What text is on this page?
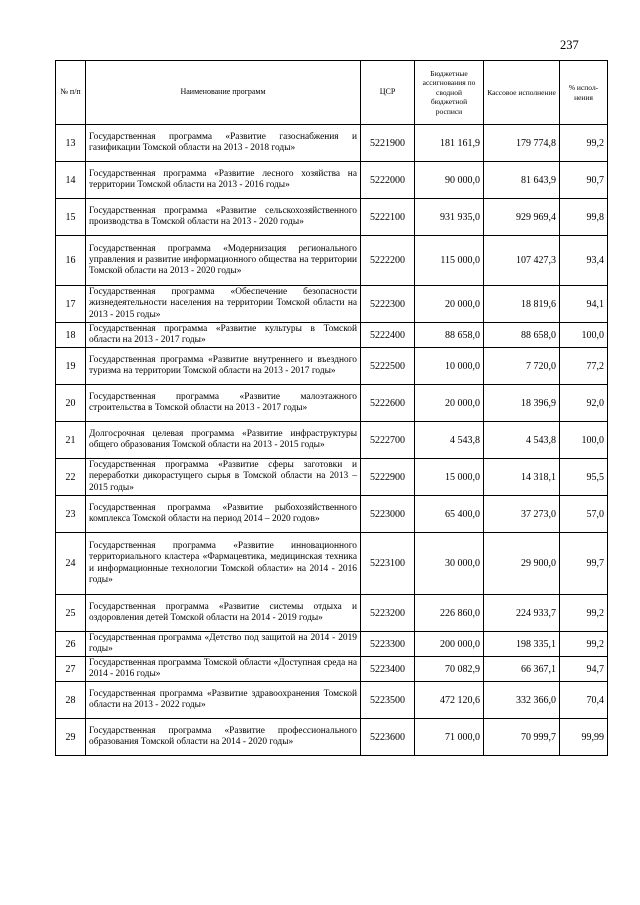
237
№ п/п	Наименование программ	ЦСР	Бюджетные ассигнования по сводной бюджетной росписи	Кассовое исполнение	% испол-нения
13	Государственная программа «Развитие газоснабжения и газификации Томской области на 2013 - 2018 годы»	5221900	181 161,9	179 774,8	99,2
14	Государственная программа «Развитие лесного хозяйства на территории Томской области на 2013 - 2016 годы»	5222000	90 000,0	81 643,9	90,7
15	Государственная программа «Развитие сельскохозяйственного производства в Томской области на 2013 - 2020 годы»	5222100	931 935,0	929 969,4	99,8
16	Государственная программа «Модернизация регионального управления и развитие информационного общества на территории Томской области на 2013 - 2020 годы»	5222200	115 000,0	107 427,3	93,4
17	Государственная программа «Обеспечение безопасности жизнедеятельности населения на территории Томской области на 2013 - 2015 годы»	5222300	20 000,0	18 819,6	94,1
18	Государственная программа «Развитие культуры в Томской области на 2013 - 2017 годы»	5222400	88 658,0	88 658,0	100,0
19	Государственная программа «Развитие внутреннего и въездного туризма на территории Томской области на 2013 - 2017 годы»	5222500	10 000,0	7 720,0	77,2
20	Государственная программа «Развитие малоэтажного строительства в Томской области на 2013 - 2017 годы»	5222600	20 000,0	18 396,9	92,0
21	Долгосрочная целевая программа «Развитие инфраструктуры общего образования Томской области на 2013 - 2015 годы»	5222700	4 543,8	4 543,8	100,0
22	Государственная программа «Развитие сферы заготовки и переработки дикорастущего сырья в Томской области на 2013 – 2015 годы»	5222900	15 000,0	14 318,1	95,5
23	Государственная программа «Развитие рыбохозяйственного комплекса Томской области на период 2014 – 2020 годов»	5223000	65 400,0	37 273,0	57,0
24	Государственная программа «Развитие инновационного территориального кластера «Фармацевтика, медицинская техника и информационные технологии Томской области» на 2014 - 2016 годы»	5223100	30 000,0	29 900,0	99,7
25	Государственная программа «Развитие системы отдыха и оздоровления детей Томской области на 2014 - 2019 годы»	5223200	226 860,0	224 933,7	99,2
26	Государственная программа «Детство под защитой на 2014 - 2019 годы»	5223300	200 000,0	198 335,1	99,2
27	Государственная программа Томской области «Доступная среда на 2014 - 2016 годы»	5223400	70 082,9	66 367,1	94,7
28	Государственная программа «Развитие здравоохранения Томской области на 2013 - 2022 годы»	5223500	472 120,6	332 366,0	70,4
29	Государственная программа «Развитие профессионального образования Томской области на 2014 - 2020 годы»	5223600	71 000,0	70 999,7	99,99
